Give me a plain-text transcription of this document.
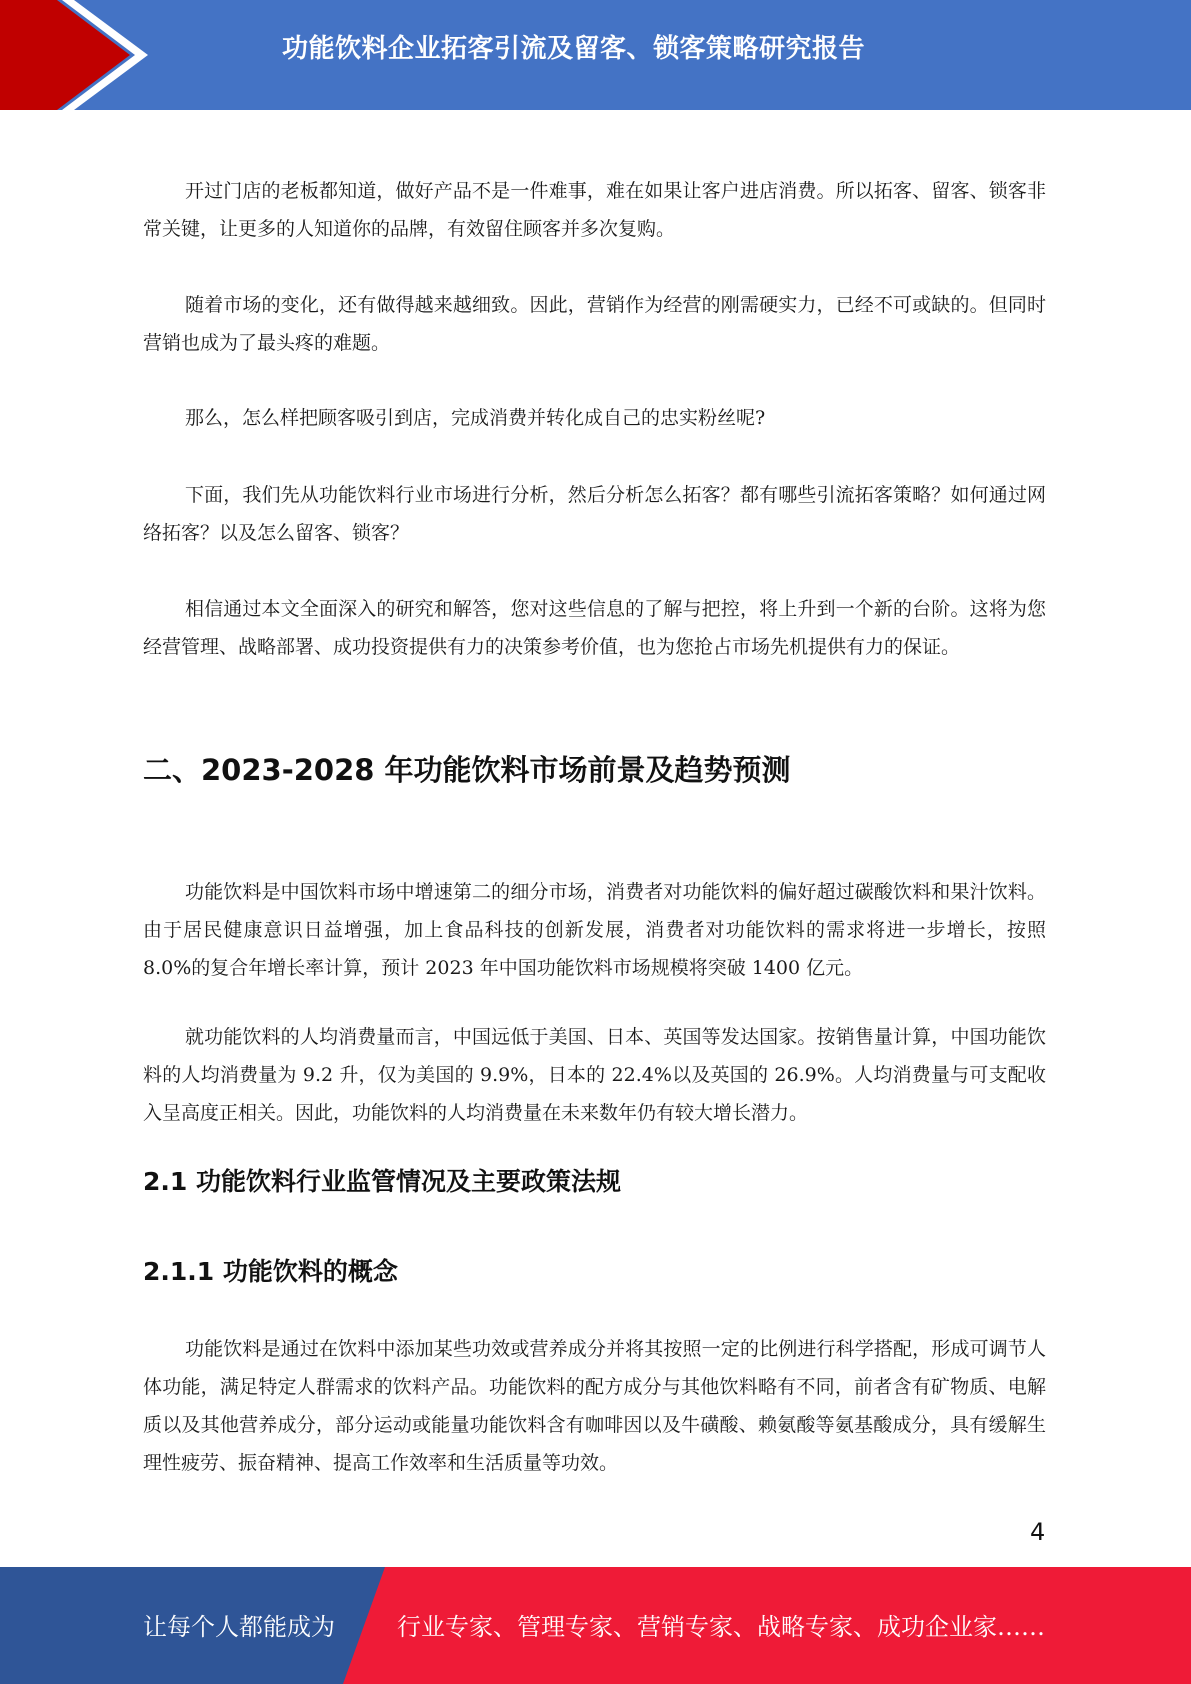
功能饮料企业拓客引流及留客、锁客策略研究报告

开过门店的老板都知道，做好产品不是一件难事，难在如果让客户进店消费。所以拓客、留客、锁客非常关键，让更多的人知道你的品牌，有效留住顾客并多次复购。

随着市场的变化，还有做得越来越细致。因此，营销作为经营的刚需硬实力，已经不可或缺的。但同时营销也成为了最头疼的难题。

那么，怎么样把顾客吸引到店，完成消费并转化成自己的忠实粉丝呢?

下面，我们先从功能饮料行业市场进行分析，然后分析怎么拓客？都有哪些引流拓客策略？如何通过网络拓客？以及怎么留客、锁客？

相信通过本文全面深入的研究和解答，您对这些信息的了解与把控，将上升到一个新的台阶。这将为您经营管理、战略部署、成功投资提供有力的决策参考价值，也为您抢占市场先机提供有力的保证。

二、2023-2028 年功能饮料市场前景及趋势预测

功能饮料是中国饮料市场中增速第二的细分市场，消费者对功能饮料的偏好超过碳酸饮料和果汁饮料。由于居民健康意识日益增强，加上食品科技的创新发展，消费者对功能饮料的需求将进一步增长，按照 8.0%的复合年增长率计算，预计 2023 年中国功能饮料市场规模将突破 1400 亿元。

就功能饮料的人均消费量而言，中国远低于美国、日本、英国等发达国家。按销售量计算，中国功能饮料的人均消费量为 9.2 升，仅为美国的 9.9%，日本的 22.4%以及英国的 26.9%。人均消费量与可支配收入呈高度正相关。因此，功能饮料的人均消费量在未来数年仍有较大增长潜力。

2.1 功能饮料行业监管情况及主要政策法规
2.1.1 功能饮料的概念

功能饮料是通过在饮料中添加某些功效或营养成分并将其按照一定的比例进行科学搭配，形成可调节人体功能，满足特定人群需求的饮料产品。功能饮料的配方成分与其他饮料略有不同，前者含有矿物质、电解质以及其他营养成分，部分运动或能量功能饮料含有咖啡因以及牛磺酸、赖氨酸等氨基酸成分，具有缓解生理性疲劳、振奋精神、提高工作效率和生活质量等功效。

4
让每个人都能成为	行业专家、管理专家、营销专家、战略专家、成功企业家……
